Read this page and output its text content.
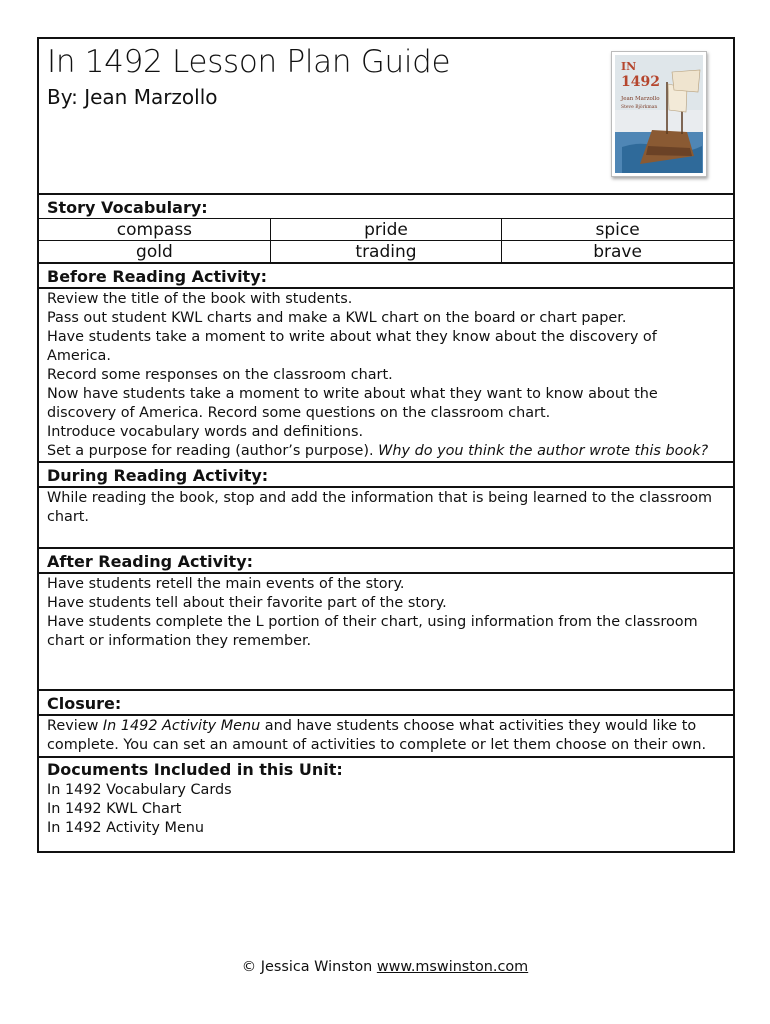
In 1492 Lesson Plan Guide
By: Jean Marzollo
IN
1492
Jean Marzollo
Steve Björkman
Story Vocabulary:
compass	pride	spice
gold	trading	brave
Before Reading Activity:

Review the title of the book with students.

Pass out student KWL charts and make a KWL chart on the board or chart paper.

Have students take a moment to write about what they know about the discovery of America.

Record some responses on the classroom chart.

Now have students take a moment to write about what they want to know about the discovery of America. Record some questions on the classroom chart.

Introduce vocabulary words and definitions.

Set a purpose for reading (author’s purpose). Why do you think the author wrote this book?

During Reading Activity:

While reading the book, stop and add the information that is being learned to the classroom chart.

After Reading Activity:

Have students retell the main events of the story.

Have students tell about their favorite part of the story.

Have students complete the L portion of their chart, using information from the classroom chart or information they remember.

Closure:

Review In 1492 Activity Menu and have students choose what activities they would like to complete. You can set an amount of activities to complete or let them choose on their own.

Documents Included in this Unit:

In 1492 Vocabulary Cards

In 1492 KWL Chart

In 1492 Activity Menu

© Jessica Winston www.mswinston.com
